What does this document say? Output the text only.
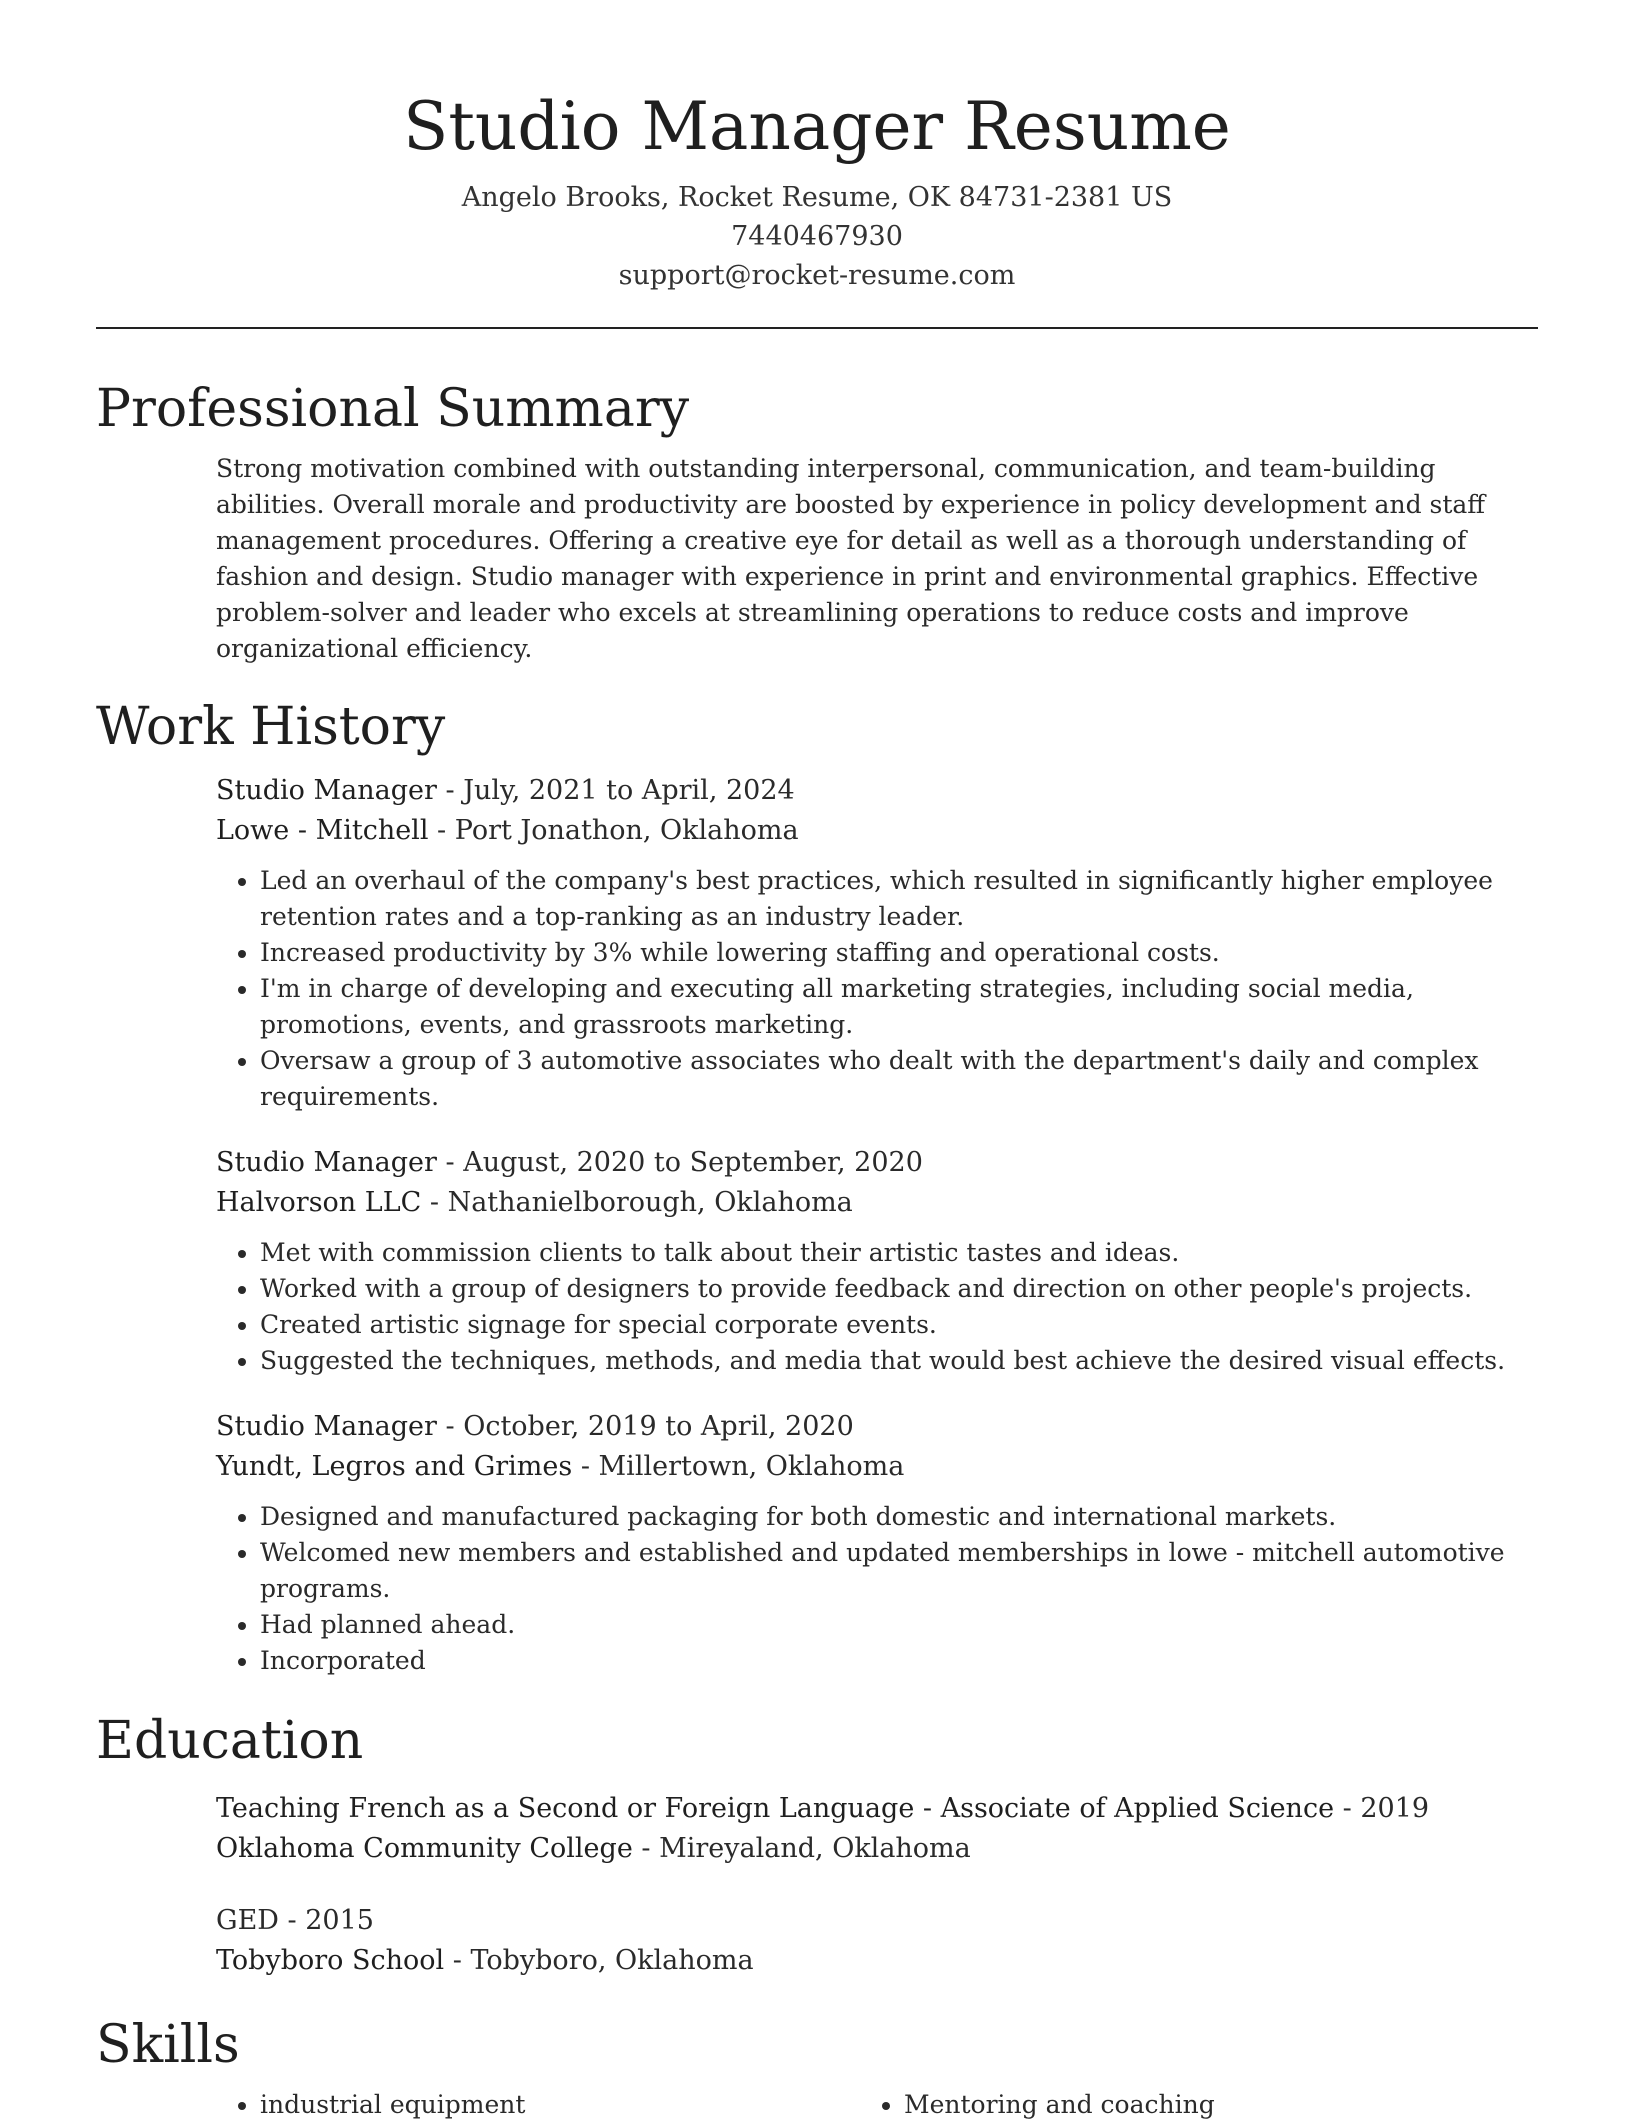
Studio Manager Resume
Angelo Brooks, Rocket Resume, OK 84731-2381 US
7440467930
support@rocket-resume.com
Professional Summary
Strong motivation combined with outstanding interpersonal, communication, and team-building abilities. Overall morale and productivity are boosted by experience in policy development and staff management procedures. Offering a creative eye for detail as well as a thorough understanding of fashion and design. Studio manager with experience in print and environmental graphics. Effective problem-solver and leader who excels at streamlining operations to reduce costs and improve organizational efficiency.
Work History
Studio Manager - July, 2021 to April, 2024
Lowe - Mitchell - Port Jonathon, Oklahoma
• Led an overhaul of the company's best practices, which resulted in significantly higher employee retention rates and a top-ranking as an industry leader.
• Increased productivity by 3% while lowering staffing and operational costs.
• I'm in charge of developing and executing all marketing strategies, including social media, promotions, events, and grassroots marketing.
• Oversaw a group of 3 automotive associates who dealt with the department's daily and complex requirements.
Studio Manager - August, 2020 to September, 2020
Halvorson LLC - Nathanielborough, Oklahoma
• Met with commission clients to talk about their artistic tastes and ideas.
• Worked with a group of designers to provide feedback and direction on other people's projects.
• Created artistic signage for special corporate events.
• Suggested the techniques, methods, and media that would best achieve the desired visual effects.
Studio Manager - October, 2019 to April, 2020
Yundt, Legros and Grimes - Millertown, Oklahoma
• Designed and manufactured packaging for both domestic and international markets.
• Welcomed new members and established and updated memberships in lowe - mitchell automotive programs.
• Had planned ahead.
• Incorporated
Education
Teaching French as a Second or Foreign Language - Associate of Applied Science - 2019
Oklahoma Community College - Mireyaland, Oklahoma
GED - 2015
Tobyboro School - Tobyboro, Oklahoma
Skills
• industrial equipment
•	Mentoring and coaching
